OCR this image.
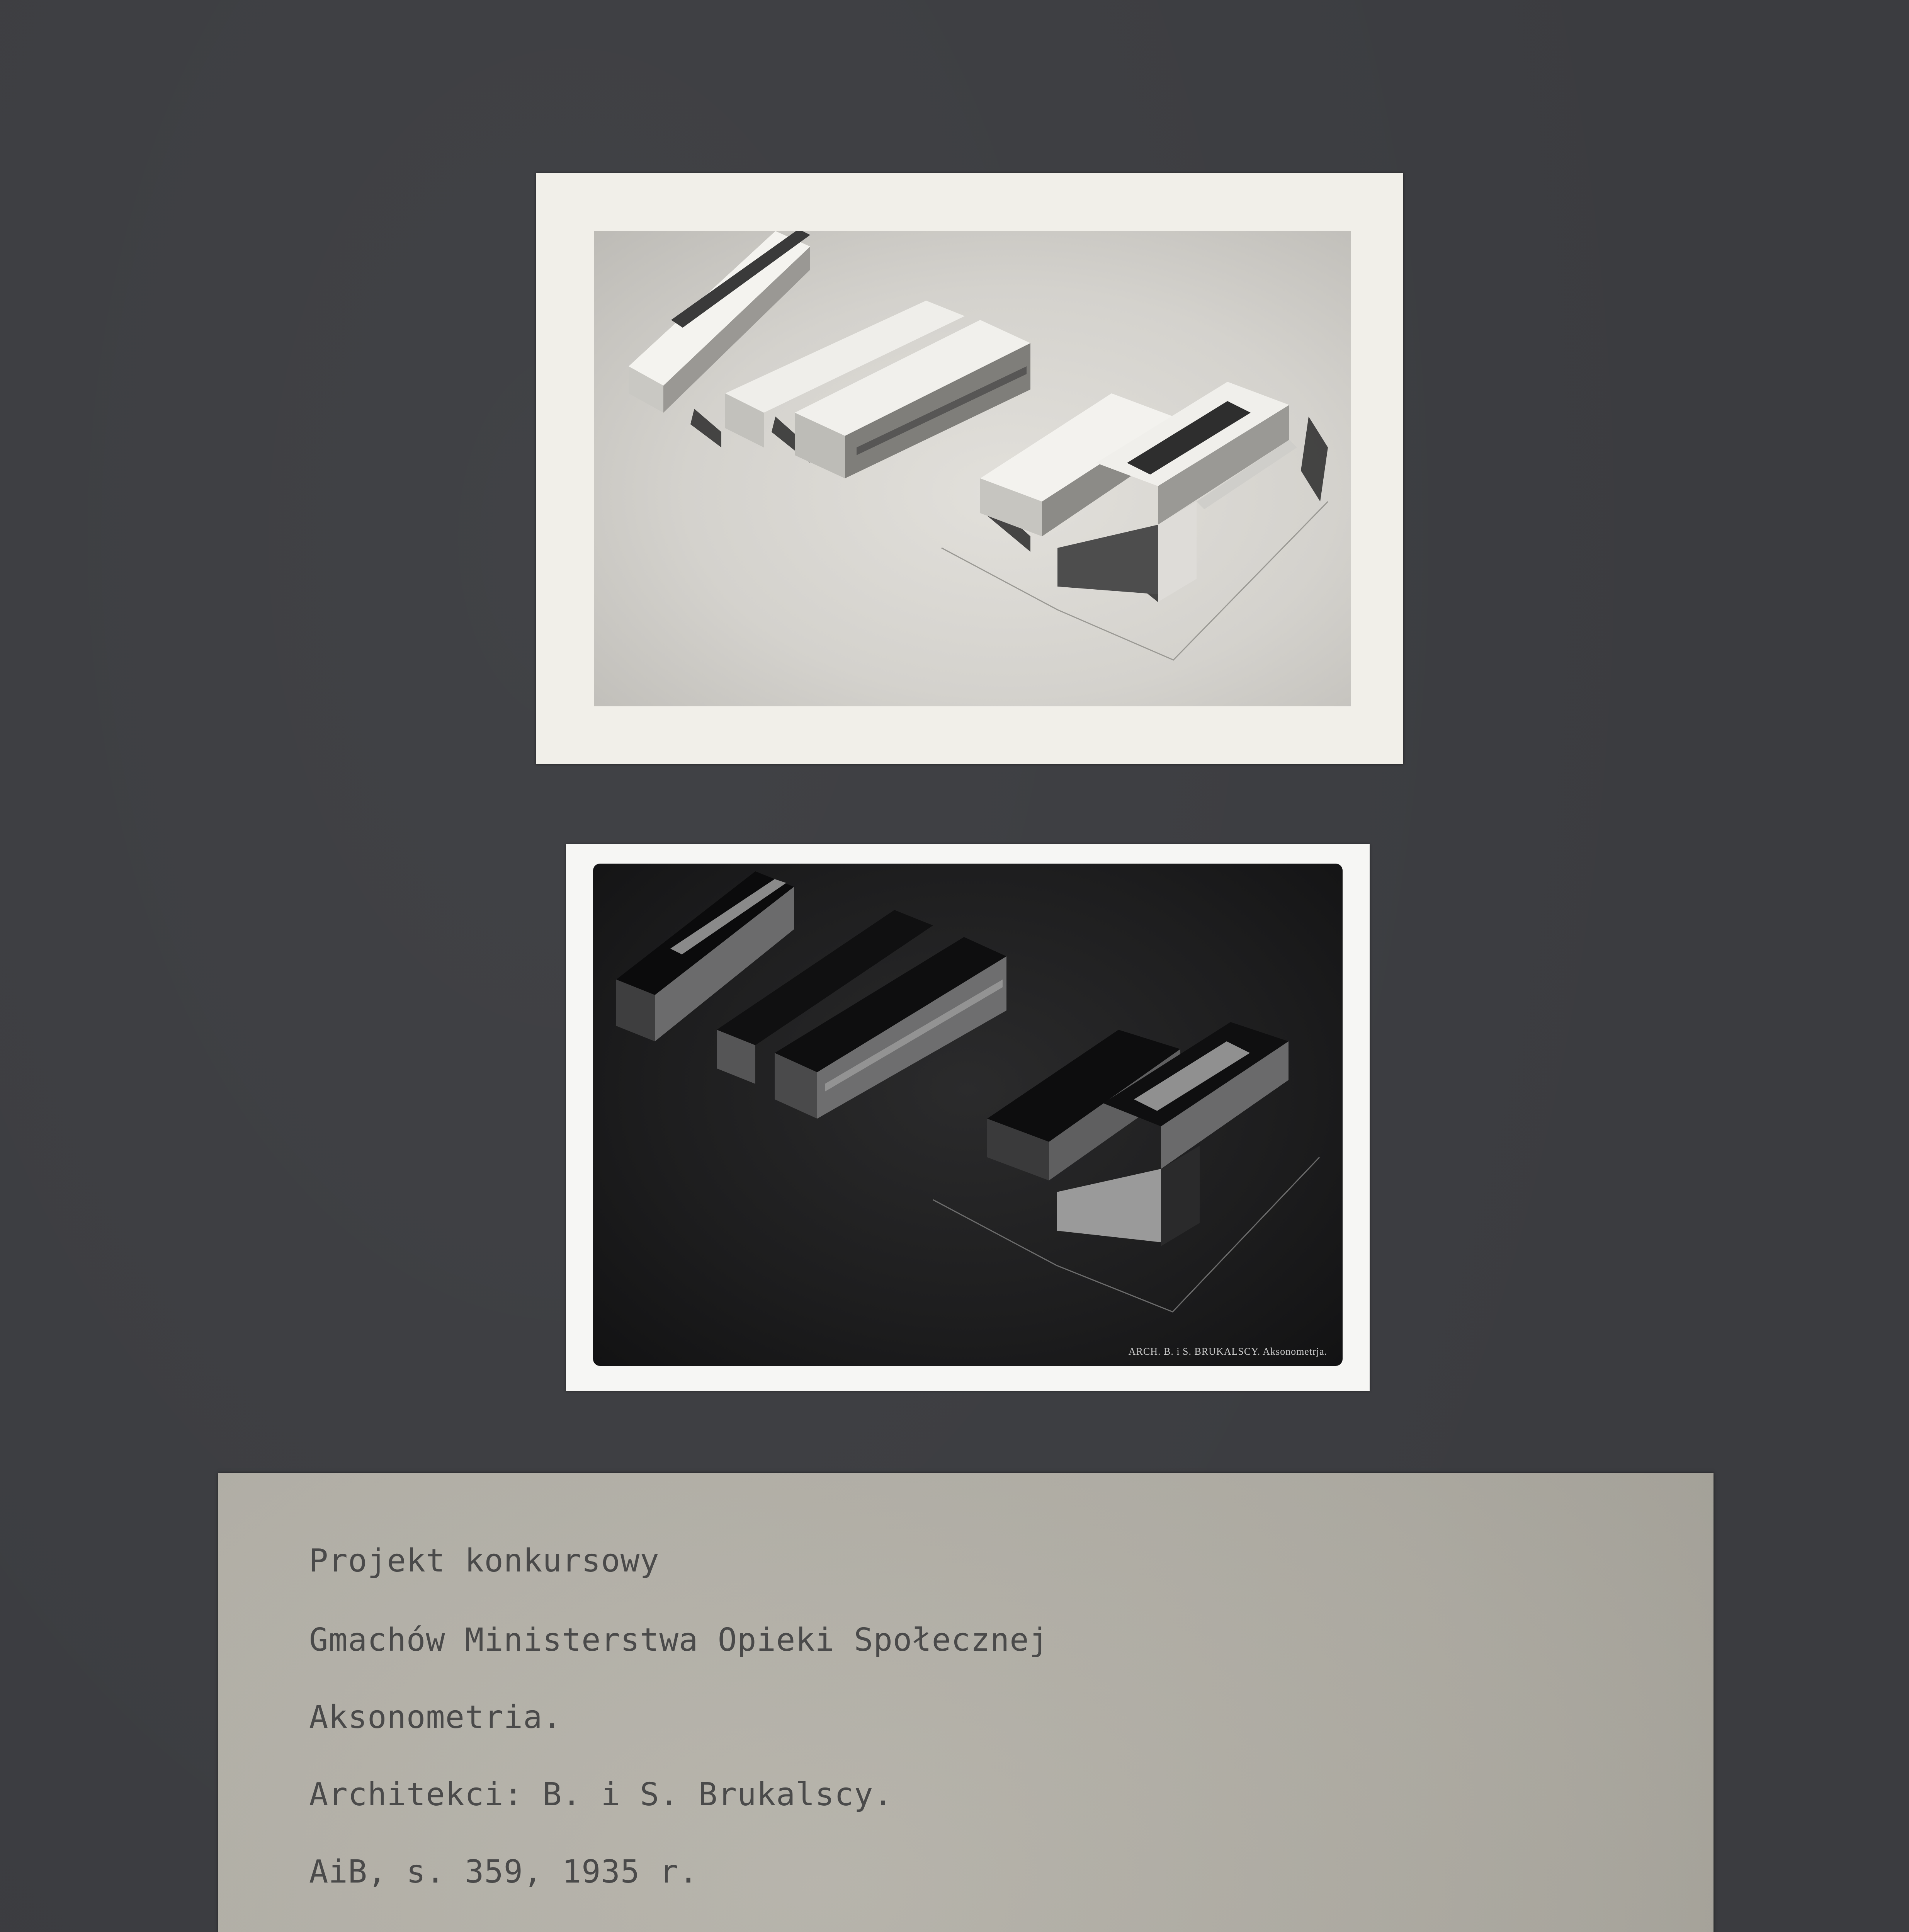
ARCH. B. i S. BRUKALSCY. Aksonometrja.
Projekt konkursowy
Gmachów Ministerstwa Opieki Społecznej
Aksonometria.
Architekci: B. i S. Brukalscy.
AiB, s. 359, 1935 r.
